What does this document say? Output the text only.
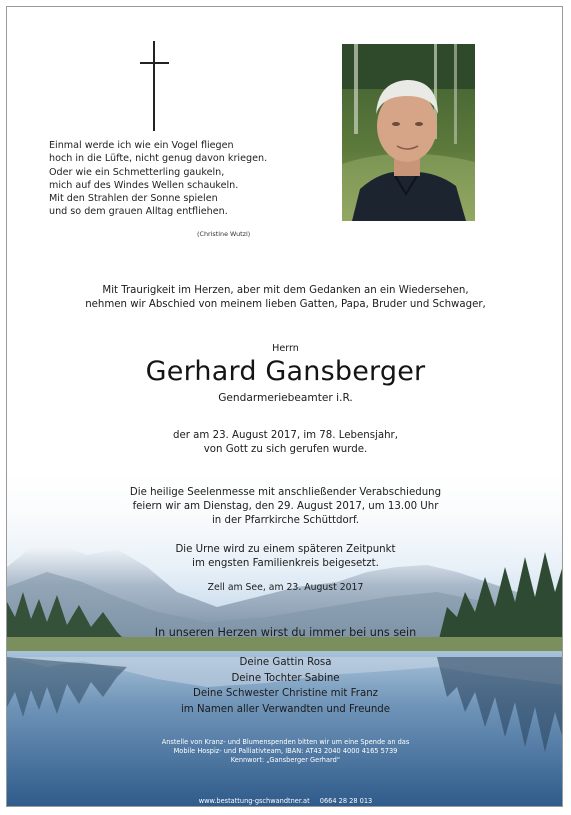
Einmal werde ich wie ein Vogel fliegen
hoch in die Lüfte, nicht genug davon kriegen.
Oder wie ein Schmetterling gaukeln,
mich auf des Windes Wellen schaukeln.
Mit den Strahlen der Sonne spielen
und so dem grauen Alltag entfliehen.
(Christine Wutzl)
Mit Traurigkeit im Herzen, aber mit dem Gedanken an ein Wiedersehen,
nehmen wir Abschied von meinem lieben Gatten, Papa, Bruder und Schwager,
Herrn
Gerhard Gansberger
Gendarmeriebeamter i.R.
der am 23. August 2017, im 78. Lebensjahr,
von Gott zu sich gerufen wurde.
Die heilige Seelenmesse mit anschließender Verabschiedung
feiern wir am Dienstag, den 29. August 2017, um 13.00 Uhr
in der Pfarrkirche Schüttdorf.
Die Urne wird zu einem späteren Zeitpunkt
im engsten Familienkreis beigesetzt.
Zell am See, am 23. August 2017
In unseren Herzen wirst du immer bei uns sein
Deine Gattin Rosa
Deine Tochter Sabine
Deine Schwester Christine mit Franz
im Namen aller Verwandten und Freunde
Anstelle von Kranz- und Blumenspenden bitten wir um eine Spende an das
Mobile Hospiz- und Palliativteam, IBAN: AT43 2040 4000 4165 5739
Kennwort: „Gansberger Gerhard“
www.bestattung-gschwandtner.at 0664 28 28 013
